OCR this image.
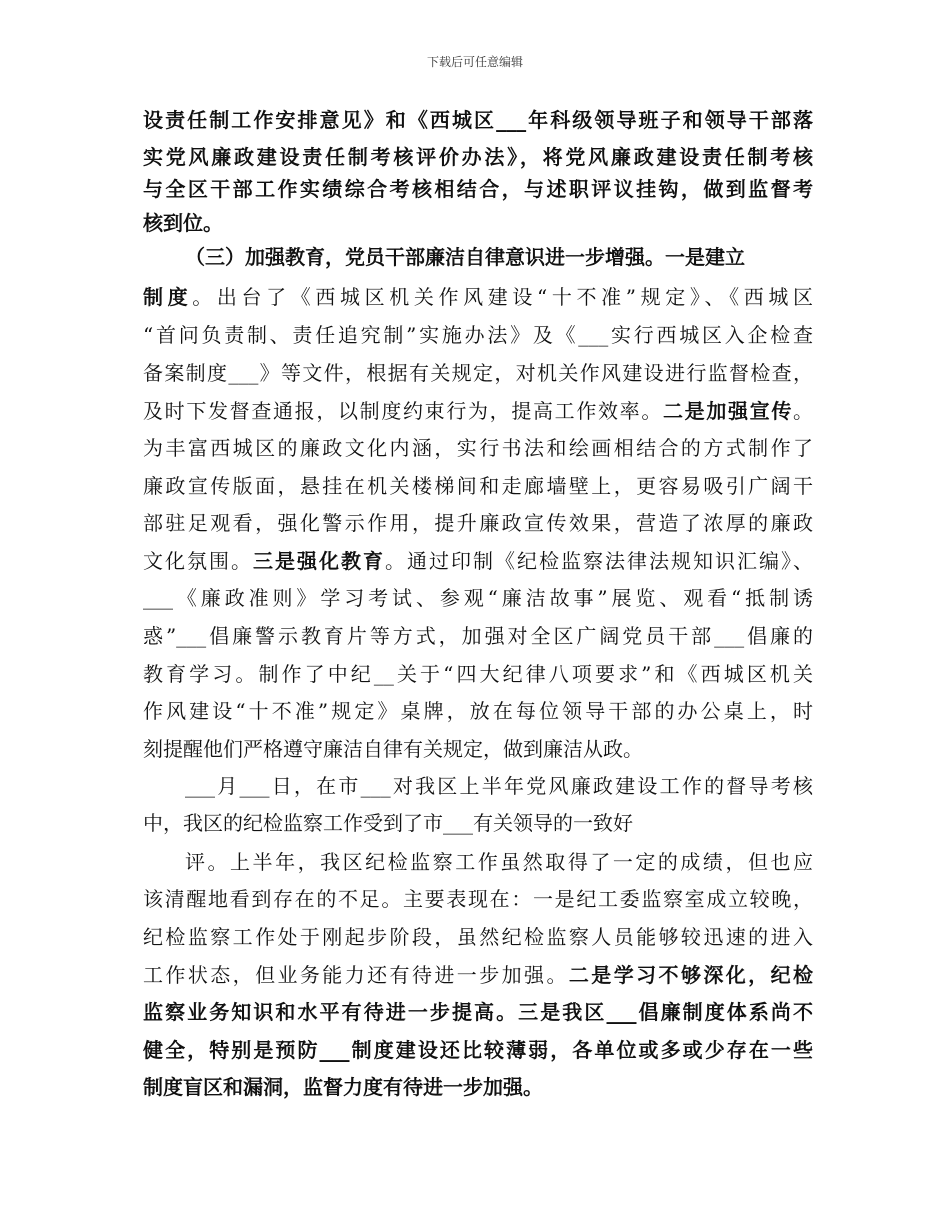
下载后可任意编辑
设责任制工作安排意见》和《西城区___年科级领导班子和领导干部落
实党风廉政建设责任制考核评价办法》，将党风廉政建设责任制考核
与全区干部工作实绩综合考核相结合，与述职评议挂钩，做到监督考
核到位。
（三）加强教育，党员干部廉洁自律意识进一步增强。一是建立
制度。出台了《西城区机关作风建设“十不准”规定》、《西城区
“首问负责制、责任追究制”实施办法》及《___实行西城区入企检查
备案制度___》等文件，根据有关规定，对机关作风建设进行监督检查，
及时下发督查通报，以制度约束行为，提高工作效率。二是加强宣传。
为丰富西城区的廉政文化内涵，实行书法和绘画相结合的方式制作了
廉政宣传版面，悬挂在机关楼梯间和走廊墙壁上，更容易吸引广阔干
部驻足观看，强化警示作用，提升廉政宣传效果，营造了浓厚的廉政
文化氛围。三是强化教育。通过印制《纪检监察法律法规知识汇编》、
___《廉政准则》学习考试、参观“廉洁故事”展览、观看“抵制诱
惑”___倡廉警示教育片等方式，加强对全区广阔党员干部___倡廉的
教育学习。制作了中纪__关于“四大纪律八项要求”和《西城区机关
作风建设“十不准”规定》桌牌，放在每位领导干部的办公桌上，时
刻提醒他们严格遵守廉洁自律有关规定，做到廉洁从政。
___月___日，在市___对我区上半年党风廉政建设工作的督导考核
中，我区的纪检监察工作受到了市___有关领导的一致好
评。上半年，我区纪检监察工作虽然取得了一定的成绩，但也应
该清醒地看到存在的不足。主要表现在：一是纪工委监察室成立较晚，
纪检监察工作处于刚起步阶段，虽然纪检监察人员能够较迅速的进入
工作状态，但业务能力还有待进一步加强。二是学习不够深化，纪检
监察业务知识和水平有待进一步提高。三是我区___倡廉制度体系尚不
健全，特别是预防___制度建设还比较薄弱，各单位或多或少存在一些
制度盲区和漏洞，监督力度有待进一步加强。
